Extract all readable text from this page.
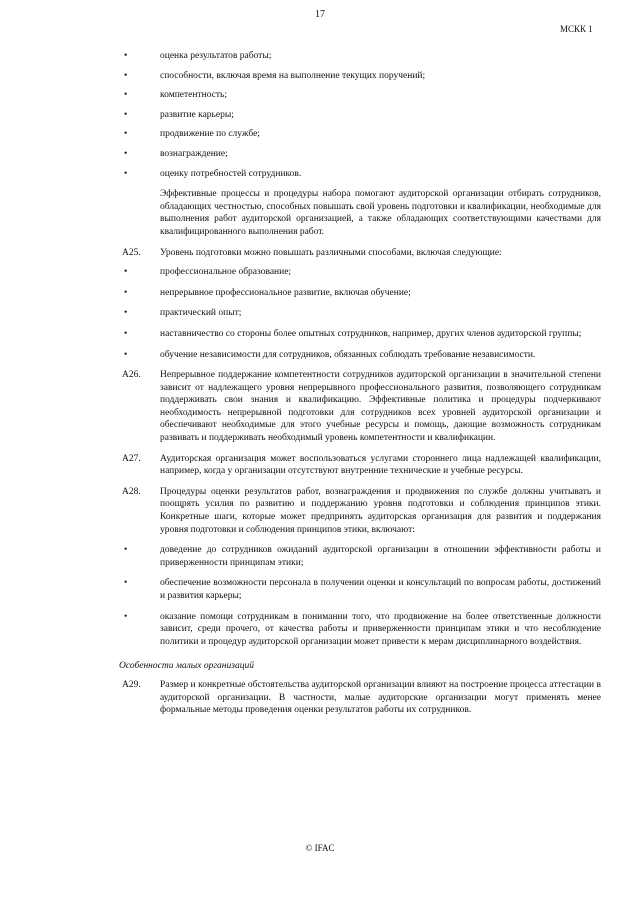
17
МСКК 1
•	оценка результатов работы;
•	способности, включая время на выполнение текущих поручений;
•	компетентность;
•	развитие карьеры;
•	продвижение по службе;
•	вознаграждение;
•	оценку потребностей сотрудников.

Эффективные процессы и процедуры набора помогают аудиторской организации отбирать сотрудников, обладающих честностью, способных повышать свой уровень подготовки и квалификации, необходимые для выполнения работ аудиторской организацией, а также обладающих соответствующими качествами для квалифицированного выполнения работ.

A25. Уровень подготовки можно повышать различными способами, включая следующие:
•	профессиональное образование;
•	непрерывное профессиональное развитие, включая обучение;
•	практический опыт;
•	наставничество со стороны более опытных сотрудников, например, других членов аудиторской группы;
•	обучение независимости для сотрудников, обязанных соблюдать требование независимости.
A26. Непрерывное поддержание компетентности сотрудников аудиторской организации в значительной степени зависит от надлежащего уровня непрерывного профессионального развития, позволяющего сотрудникам поддерживать свои знания и квалификацию. Эффективные политика и процедуры подчеркивают необходимость непрерывной подготовки для сотрудников всех уровней аудиторской организации и обеспечивают необходимые для этого учебные ресурсы и помощь, дающие возможность сотрудникам развивать и поддерживать необходимый уровень компетентности и квалификации.
A27. Аудиторская организация может воспользоваться услугами стороннего лица надлежащей квалификации, например, когда у организации отсутствуют внутренние технические и учебные ресурсы.
A28. Процедуры оценки результатов работ, вознаграждения и продвижения по службе должны учитывать и поощрять усилия по развитию и поддержанию уровня подготовки и соблюдения принципов этики. Конкретные шаги, которые может предпринять аудиторская организация для развития и поддержания уровня подготовки и соблюдения принципов этики, включают:
•	доведение до сотрудников ожиданий аудиторской организации в отношении эффективности работы и приверженности принципам этики;
•	обеспечение возможности персонала в получении оценки и консультаций по вопросам работы, достижений и развития карьеры;
•	оказание помощи сотрудникам в понимании того, что продвижение на более ответственные должности зависит, среди прочего, от качества работы и приверженности принципам этики и что несоблюдение политики и процедур аудиторской организации может привести к мерам дисциплинарного воздействия.
Особенности малых организаций
A29. Размер и конкретные обстоятельства аудиторской организации влияют на построение процесса аттестации в аудиторской организации. В частности, малые аудиторские организации могут применять менее формальные методы проведения оценки результатов работы их сотрудников.
© IFAC
